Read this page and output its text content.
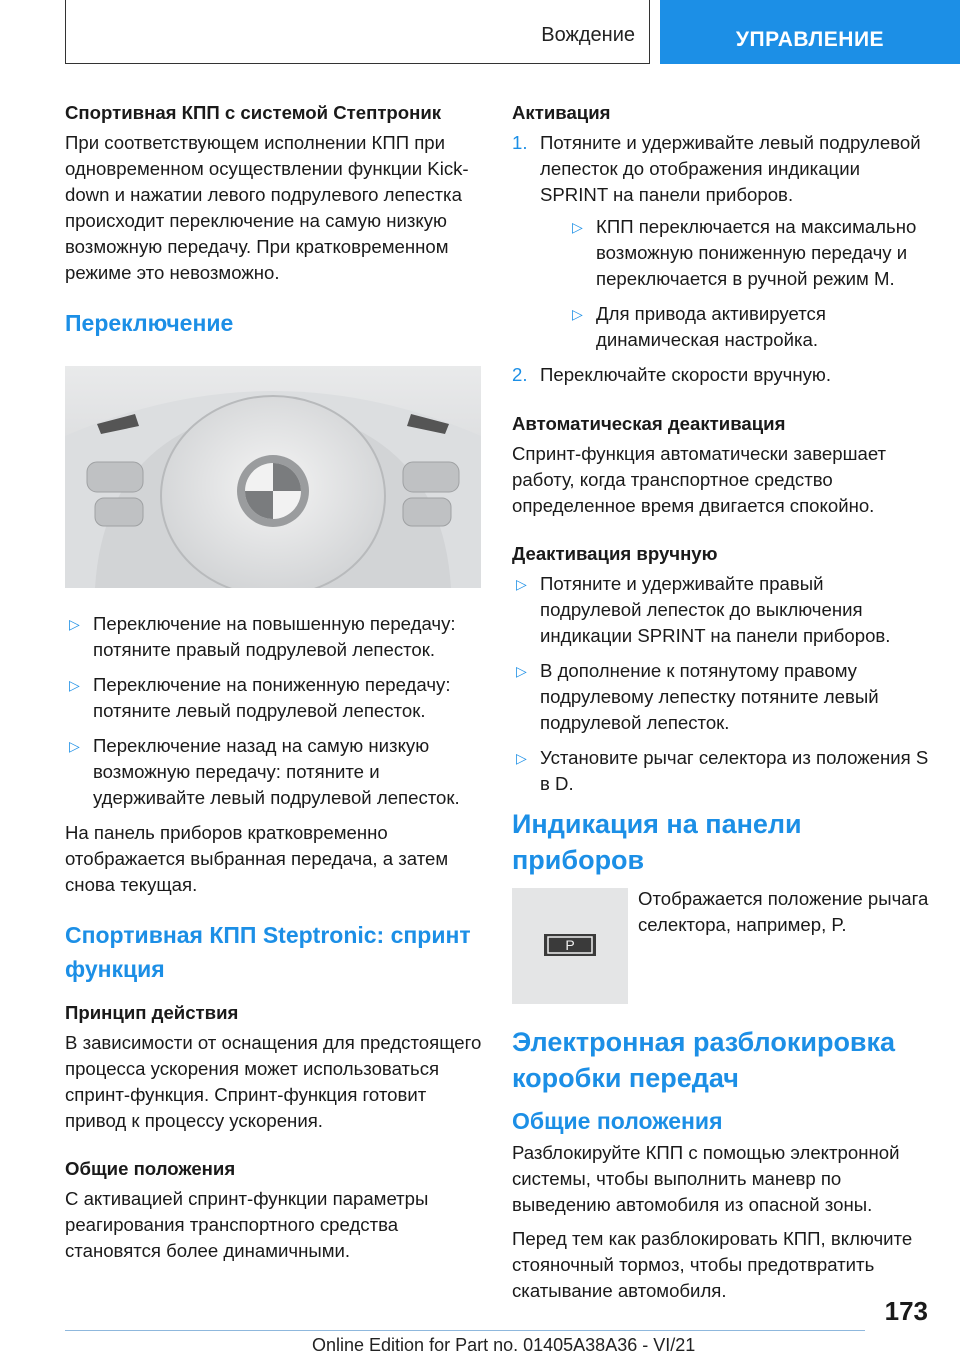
Вождение	УПРАВЛЕНИЕ
Спортивная КПП с системой Стептроник

При соответствующем исполнении КПП при одновременном осуществлении функции Kick-down и нажатии левого подрулевого лепестка происходит переключение на самую низкую возможную передачу. При кратковременном режиме это невозможно.

Переключение
▷ Переключение на повышенную передачу: потяните правый подрулевой лепесток.
▷ Переключение на пониженную передачу: потяните левый подрулевой лепесток.
▷ Переключение назад на самую низкую возможную передачу: потяните и удерживайте левый подрулевой лепесток.

На панель приборов кратковременно отображается выбранная передача, а затем снова текущая.

Спортивная КПП Steptronic: спринт функция
Принцип действия

В зависимости от оснащения для предстоящего процесса ускорения может использоваться спринт-функция. Спринт-функция готовит привод к процессу ускорения.

Общие положения

С активацией спринт-функции параметры реагирования транспортного средства становятся более динамичными.

Активация
1. Потяните и удерживайте левый подрулевой лепесток до отображения индикации SPRINT на панели приборов.
▷ КПП переключается на максимально возможную пониженную передачу и переключается в ручной режим M.
▷ Для привода активируется динамическая настройка.
2. Переключайте скорости вручную.
Автоматическая деактивация

Спринт-функция автоматически завершает работу, когда транспортное средство определенное время двигается спокойно.

Деактивация вручную
▷ Потяните и удерживайте правый подрулевой лепесток до выключения индикации SPRINT на панели приборов.
▷ В дополнение к потянутому правому подрулевому лепестку потяните левый подрулевой лепесток.
▷ Установите рычаг селектора из положения S в D.
Индикация на панели приборов
P
Отображается положение рычага селектора, например, P.
Электронная разблокировка коробки передач
Общие положения

Разблокируйте КПП с помощью электронной системы, чтобы выполнить маневр по выведению автомобиля из опасной зоны.

Перед тем как разблокировать КПП, включите стояночный тормоз, чтобы предотвратить скатывание автомобиля.

173
Online Edition for Part no. 01405A38A36 - VI/21
